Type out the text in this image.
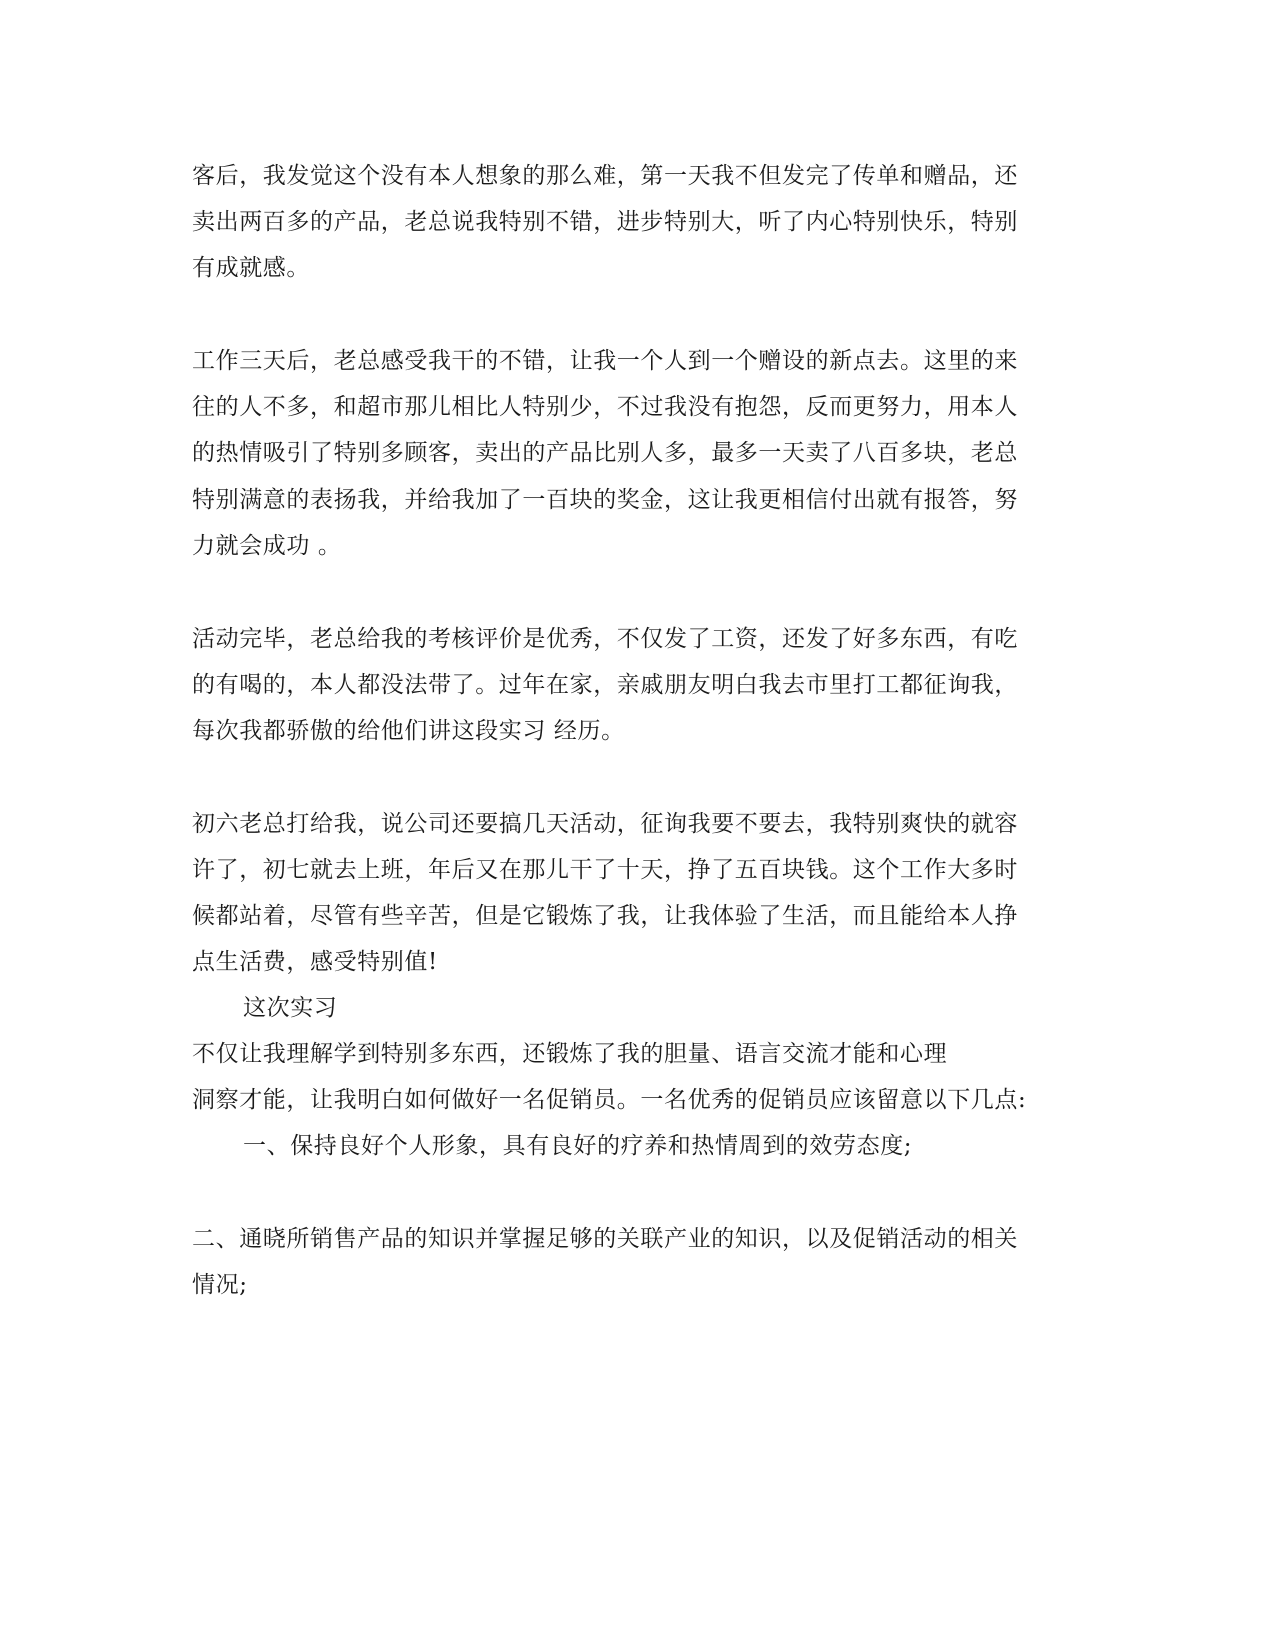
客后，我发觉这个没有本人想象的那么难，第一天我不但发完了传单和赠品，还
卖出两百多的产品，老总说我特别不错，进步特别大，听了内心特别快乐，特别
有成就感。
工作三天后，老总感受我干的不错，让我一个人到一个赠设的新点去。这里的来
往的人不多，和超市那儿相比人特别少，不过我没有抱怨，反而更努力，用本人
的热情吸引了特别多顾客，卖出的产品比别人多，最多一天卖了八百多块，老总
特别满意的表扬我，并给我加了一百块的奖金，这让我更相信付出就有报答，努
力就会成功 。
活动完毕，老总给我的考核评价是优秀，不仅发了工资，还发了好多东西，有吃
的有喝的，本人都没法带了。过年在家，亲戚朋友明白我去市里打工都征询我，
每次我都骄傲的给他们讲这段实习 经历。
初六老总打给我，说公司还要搞几天活动，征询我要不要去，我特别爽快的就容
许了，初七就去上班，年后又在那儿干了十天，挣了五百块钱。这个工作大多时
候都站着，尽管有些辛苦，但是它锻炼了我，让我体验了生活，而且能给本人挣
点生活费，感受特别值!
这次实习
不仅让我理解学到特别多东西，还锻炼了我的胆量、语言交流才能和心理
洞察才能，让我明白如何做好一名促销员。一名优秀的促销员应该留意以下几点:
一、保持良好个人形象，具有良好的疗养和热情周到的效劳态度;
二、通晓所销售产品的知识并掌握足够的关联产业的知识，以及促销活动的相关
情况;
